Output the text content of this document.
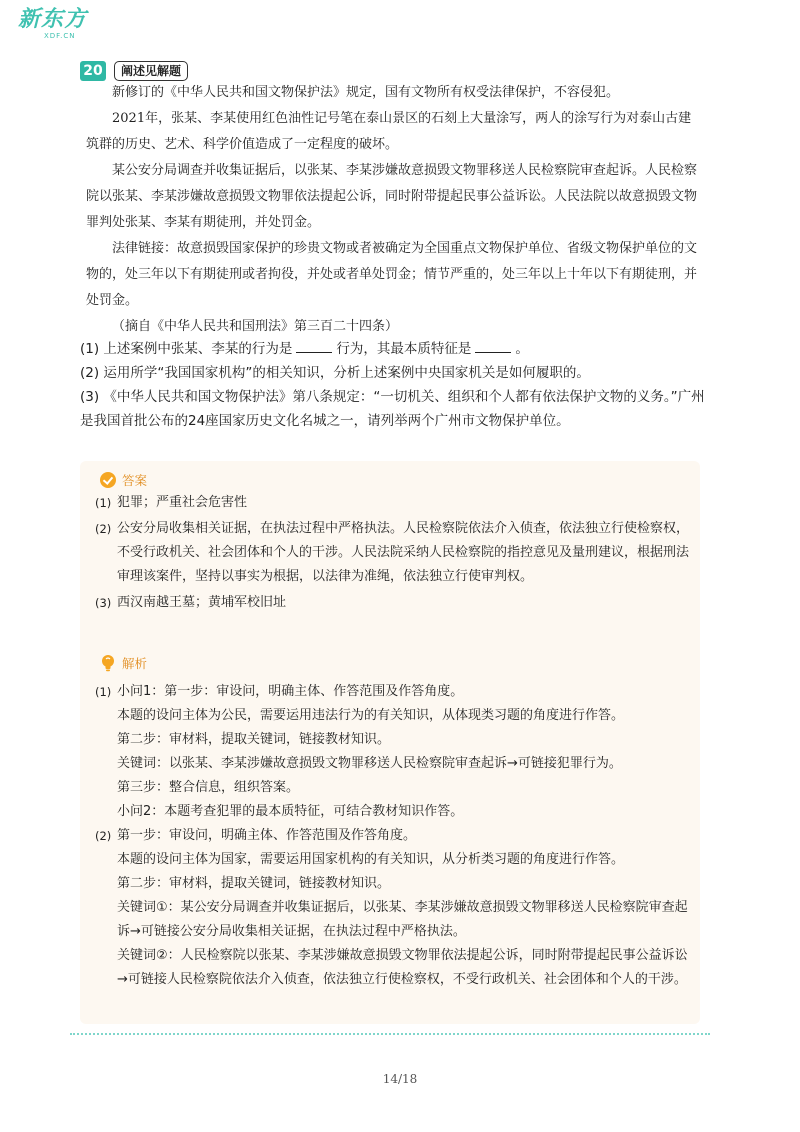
新东方
XDF.CN
20	阐述见解题

新修订的《中华人民共和国文物保护法》规定，国有文物所有权受法律保护，不容侵犯。

2021年，张某、李某使用红色油性记号笔在泰山景区的石刻上大量涂写，两人的涂写行为对泰山古建筑群的历史、艺术、科学价值造成了一定程度的破坏。

某公安分局调查并收集证据后，以张某、李某涉嫌故意损毁文物罪移送人民检察院审查起诉。人民检察院以张某、李某涉嫌故意损毁文物罪依法提起公诉，同时附带提起民事公益诉讼。人民法院以故意损毁文物罪判处张某、李某有期徒刑，并处罚金。

法律链接：故意损毁国家保护的珍贵文物或者被确定为全国重点文物保护单位、省级文物保护单位的文物的，处三年以下有期徒刑或者拘役，并处或者单处罚金；情节严重的，处三年以上十年以下有期徒刑，并处罚金。

（摘自《中华人民共和国刑法》第三百二十四条）

(1) 上述案例中张某、李某的行为是	行为，其最本质特征是	。
(2) 运用所学“我国国家机构”的相关知识，分析上述案例中央国家机关是如何履职的。
(3) 《中华人民共和国文物保护法》第八条规定：“一切机关、组织和个人都有依法保护文物的义务。”广州是我国首批公布的24座国家历史文化名城之一，请列举两个广州市文物保护单位。
答案
(1) 犯罪；严重社会危害性
(2) 公安分局收集相关证据，在执法过程中严格执法。人民检察院依法介入侦查，依法独立行使检察权，不受行政机关、社会团体和个人的干涉。人民法院采纳人民检察院的指控意见及量刑建议，根据刑法审理该案件，坚持以事实为根据，以法律为准绳，依法独立行使审判权。
(3) 西汉南越王墓；黄埔军校旧址
解析
(1) 小问1：第一步：审设问，明确主体、作答范围及作答角度。
本题的设问主体为公民，需要运用违法行为的有关知识，从体现类习题的角度进行作答。
第二步：审材料，提取关键词，链接教材知识。
关键词：以张某、李某涉嫌故意损毁文物罪移送人民检察院审查起诉→可链接犯罪行为。
第三步：整合信息，组织答案。
小问2：本题考查犯罪的最本质特征，可结合教材知识作答。
(2) 第一步：审设问，明确主体、作答范围及作答角度。
本题的设问主体为国家，需要运用国家机构的有关知识，从分析类习题的角度进行作答。
第二步：审材料，提取关键词，链接教材知识。
关键词①：某公安分局调查并收集证据后，以张某、李某涉嫌故意损毁文物罪移送人民检察院审查起诉→可链接公安分局收集相关证据，在执法过程中严格执法。
关键词②：人民检察院以张某、李某涉嫌故意损毁文物罪依法提起公诉，同时附带提起民事公益诉讼→可链接人民检察院依法介入侦查，依法独立行使检察权，不受行政机关、社会团体和个人的干涉。
14/18
